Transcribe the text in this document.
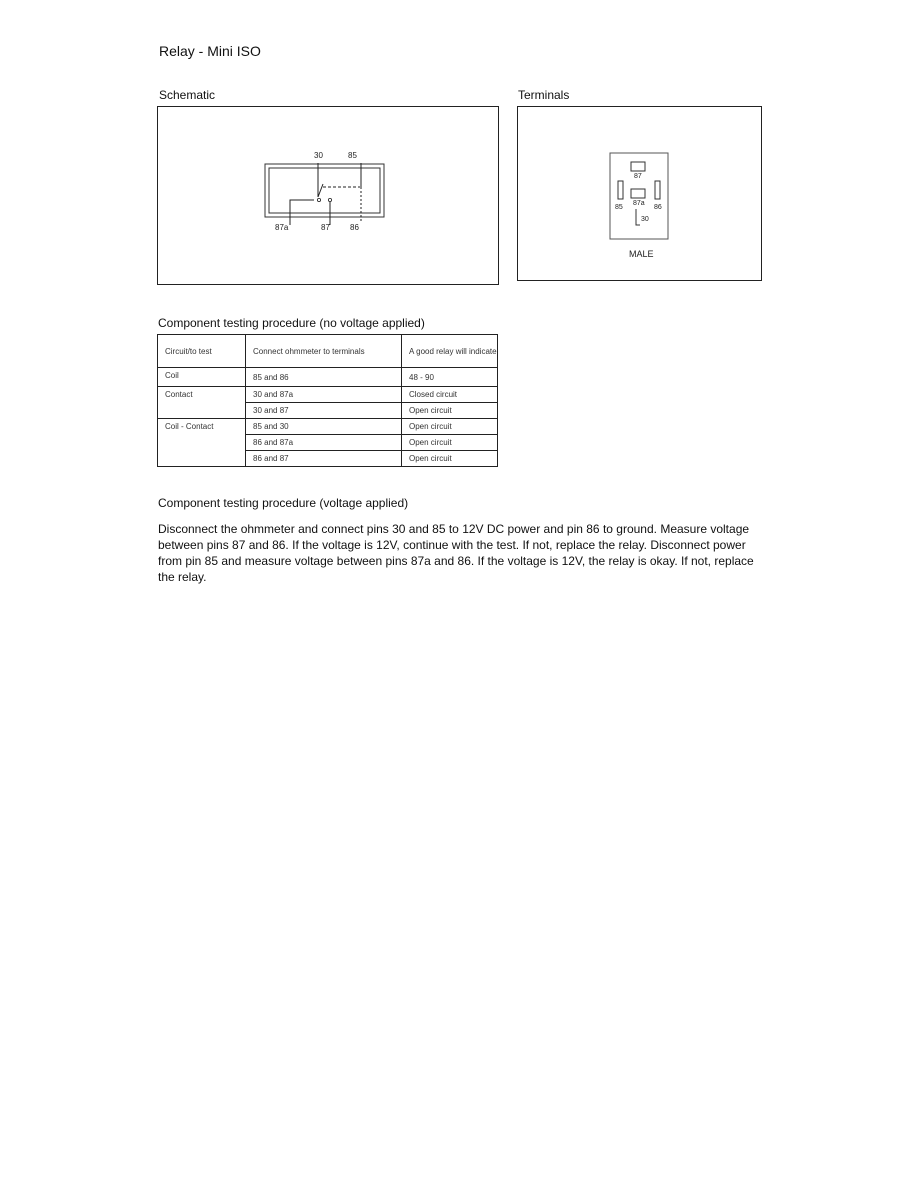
Relay - Mini ISO
Schematic
30	85
87a	87	86
Terminals
87
87a
85	86
30
MALE
Component testing procedure (no voltage applied)
Circuit/to test	Connect ohmmeter to terminals	A good relay will indicate
Coil	85 and 86	48 - 90
Contact	30 and 87a	Closed circuit
	30 and 87	Open circuit
Coil - Contact	85 and 30	Open circuit
	86 and 87a	Open circuit
	86 and 87	Open circuit
Component testing procedure (voltage applied)
Disconnect the ohmmeter and connect pins 30 and 85 to 12V DC power and pin 86 to ground. Measure voltage between pins 87 and 86. If the voltage is 12V, continue with the test. If not, replace the relay. Disconnect power from pin 85 and measure voltage between pins 87a and 86. If the voltage is 12V, the relay is okay. If not, replace the relay.
